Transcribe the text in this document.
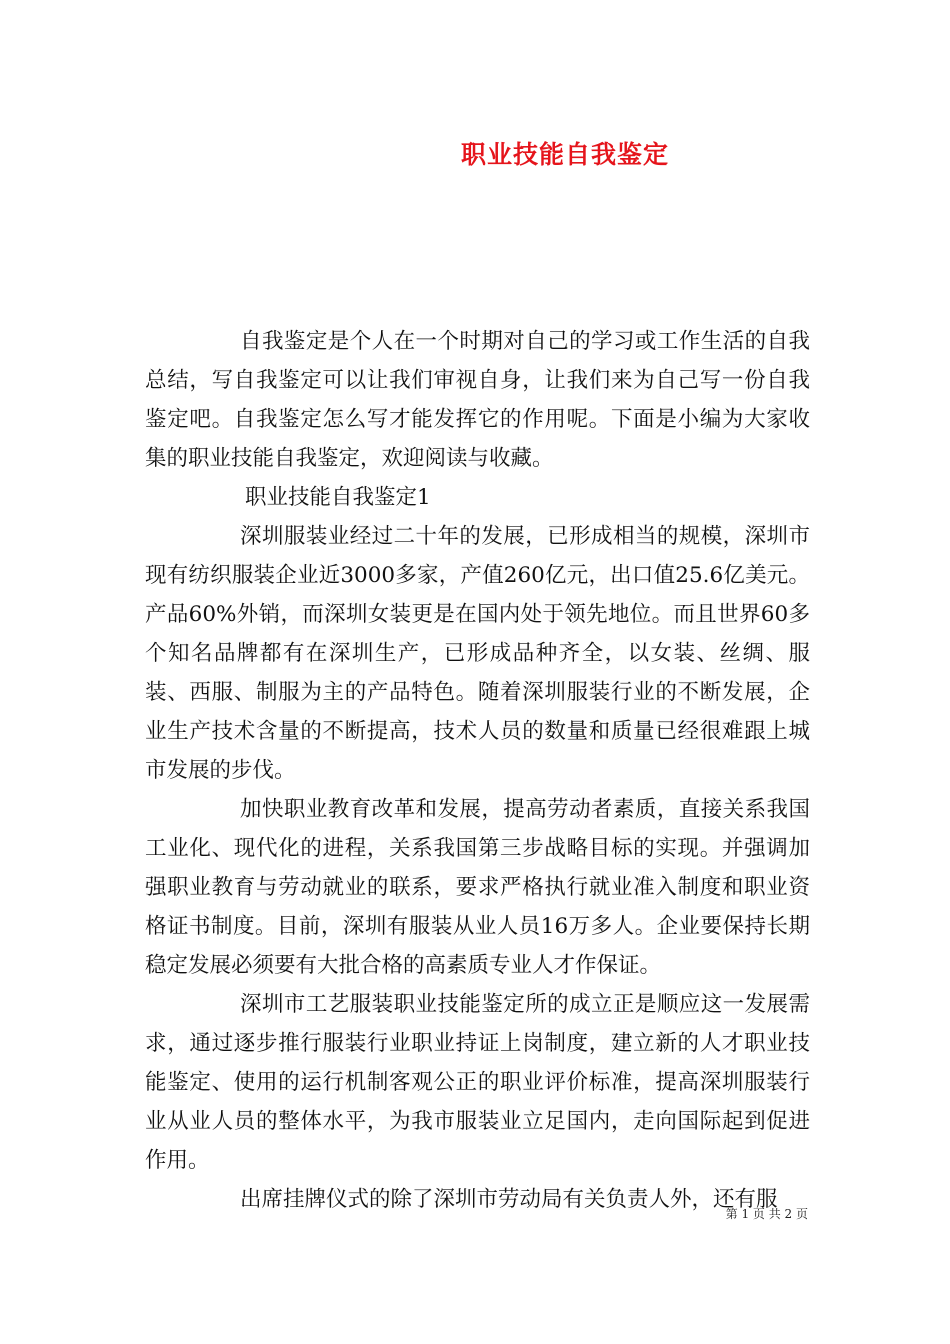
职业技能自我鉴定

自我鉴定是个人在一个时期对自己的学习或工作生活的自我总结，写自我鉴定可以让我们审视自身，让我们来为自己写一份自我鉴定吧。自我鉴定怎么写才能发挥它的作用呢。下面是小编为大家收集的职业技能自我鉴定，欢迎阅读与收藏。

职业技能自我鉴定1

深圳服装业经过二十年的发展，已形成相当的规模，深圳市现有纺织服装企业近3000多家，产值260亿元，出口值25.6亿美元。产品60%外销，而深圳女装更是在国内处于领先地位。而且世界60多个知名品牌都有在深圳生产，已形成品种齐全，以女装、丝绸、服装、西服、制服为主的产品特色。随着深圳服装行业的不断发展，企业生产技术含量的不断提高，技术人员的数量和质量已经很难跟上城市发展的步伐。

加快职业教育改革和发展，提高劳动者素质，直接关系我国工业化、现代化的进程，关系我国第三步战略目标的实现。并强调加强职业教育与劳动就业的联系，要求严格执行就业准入制度和职业资格证书制度。目前，深圳有服装从业人员16万多人。企业要保持长期稳定发展必须要有大批合格的高素质专业人才作保证。

深圳市工艺服装职业技能鉴定所的成立正是顺应这一发展需求，通过逐步推行服装行业职业持证上岗制度，建立新的人才职业技能鉴定、使用的运行机制客观公正的职业评价标准，提高深圳服装行业从业人员的整体水平，为我市服装业立足国内，走向国际起到促进作用。

出席挂牌仪式的除了深圳市劳动局有关负责人外，还有服

第 1 页 共 2 页
